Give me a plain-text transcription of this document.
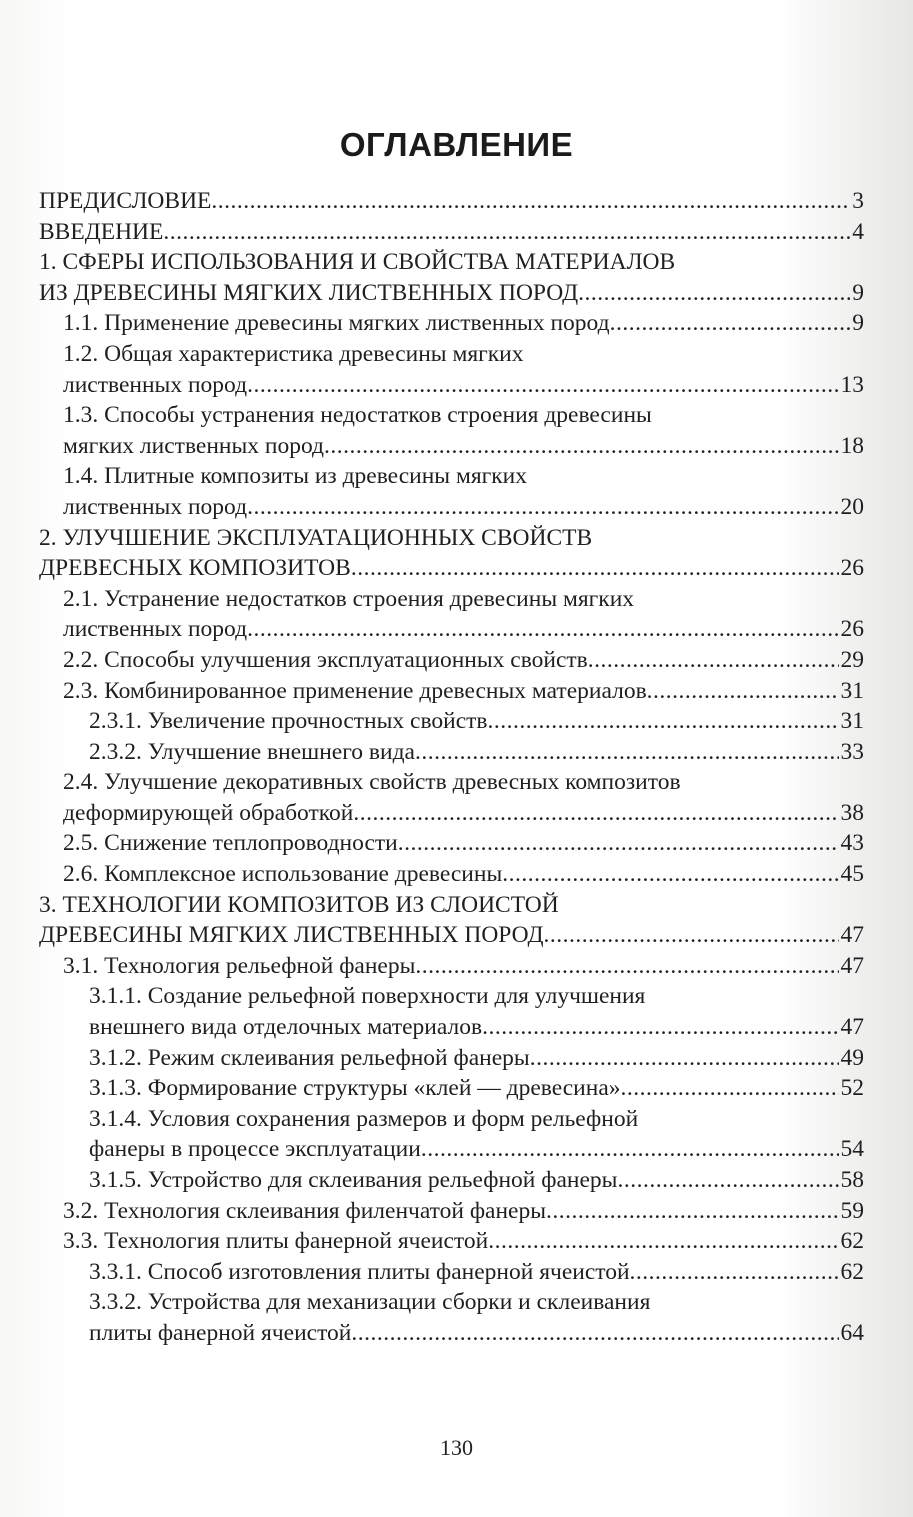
ОГЛАВЛЕНИЕ
ПРЕДИСЛОВИЕ .....	3
ВВЕДЕНИЕ .....	4
1. СФЕРЫ ИСПОЛЬЗОВАНИЯ И СВОЙСТВА МАТЕРИАЛОВ
ИЗ ДРЕВЕСИНЫ МЯГКИХ ЛИСТВЕННЫХ ПОРОД .....	9
1.1. Применение древесины мягких лиственных пород .....	9
1.2. Общая характеристика древесины мягких
лиственных пород .....	13
1.3. Способы устранения недостатков строения древесины
мягких лиственных пород .....	18
1.4. Плитные композиты из древесины мягких
лиственных пород .....	20
2. УЛУЧШЕНИЕ ЭКСПЛУАТАЦИОННЫХ СВОЙСТВ
ДРЕВЕСНЫХ КОМПОЗИТОВ .....	26
2.1. Устранение недостатков строения древесины мягких
лиственных пород .....	26
2.2. Способы улучшения эксплуатационных свойств .....	29
2.3. Комбинированное применение древесных материалов .....	31
2.3.1. Увеличение прочностных свойств .....	31
2.3.2. Улучшение внешнего вида .....	33
2.4. Улучшение декоративных свойств древесных композитов
деформирующей обработкой .....	38
2.5. Снижение теплопроводности .....	43
2.6. Комплексное использование древесины .....	45
3. ТЕХНОЛОГИИ КОМПОЗИТОВ ИЗ СЛОИСТОЙ
ДРЕВЕСИНЫ МЯГКИХ ЛИСТВЕННЫХ ПОРОД .....	47
3.1. Технология рельефной фанеры .....	47
3.1.1. Создание рельефной поверхности для улучшения
внешнего вида отделочных материалов .....	47
3.1.2. Режим склеивания рельефной фанеры .....	49
3.1.3. Формирование структуры «клей — древесина» .....	52
3.1.4. Условия сохранения размеров и форм рельефной
фанеры в процессе эксплуатации .....	54
3.1.5. Устройство для склеивания рельефной фанеры .....	58
3.2. Технология склеивания филенчатой фанеры .....	59
3.3. Технология плиты фанерной ячеистой .....	62
3.3.1. Способ изготовления плиты фанерной ячеистой .....	62
3.3.2. Устройства для механизации сборки и склеивания
плиты фанерной ячеистой .....	64
130
